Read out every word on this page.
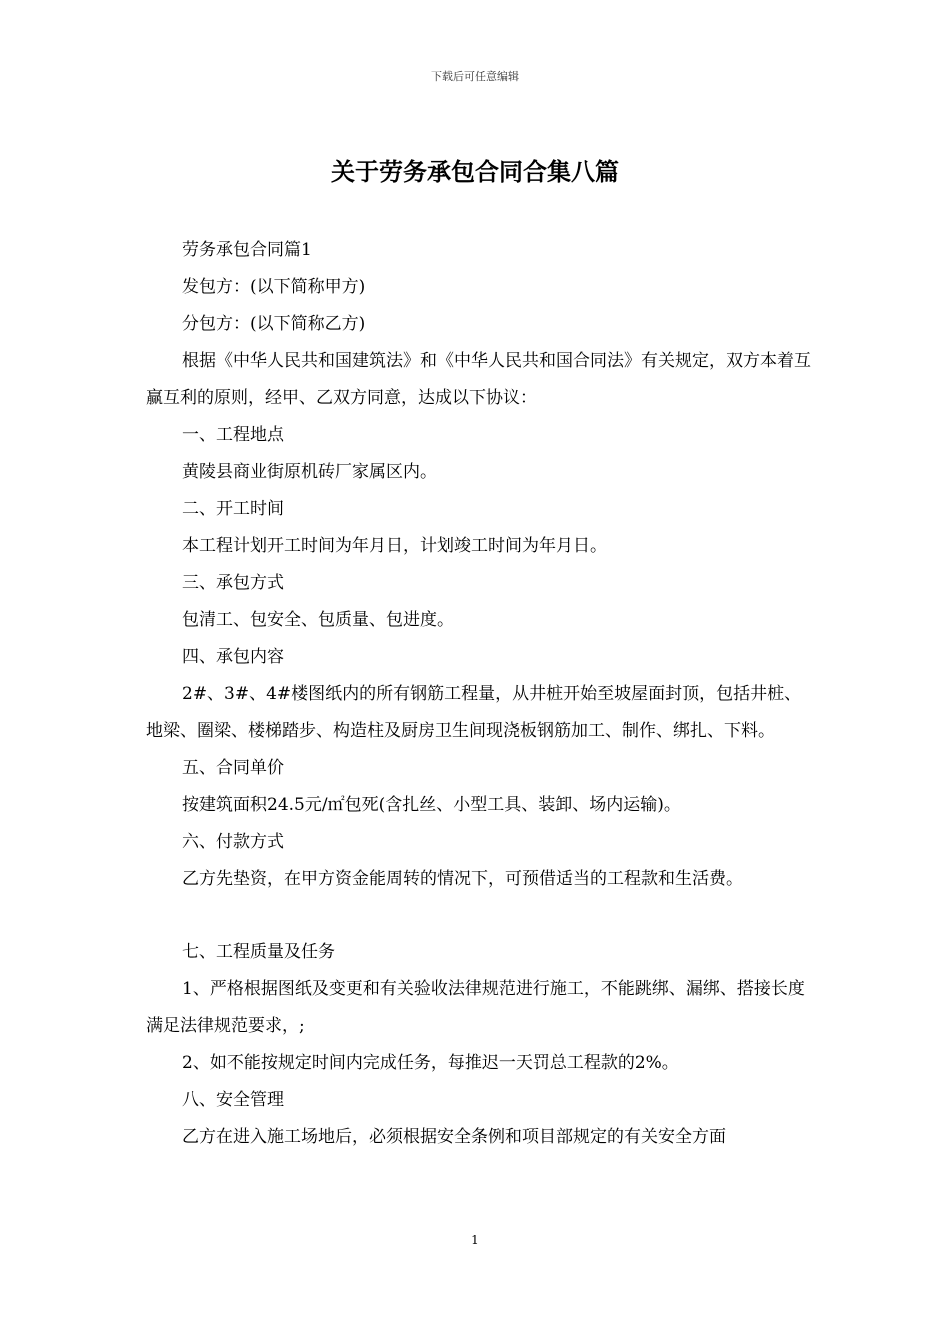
下载后可任意编辑
关于劳务承包合同合集八篇

劳务承包合同篇1

发包方：(以下简称甲方)

分包方：(以下简称乙方)

根据《中华人民共和国建筑法》和《中华人民共和国合同法》有关规定，双方本着互赢互利的原则，经甲、乙双方同意，达成以下协议：

一、工程地点

黄陵县商业街原机砖厂家属区内。

二、开工时间

本工程计划开工时间为年月日，计划竣工时间为年月日。

三、承包方式

包清工、包安全、包质量、包进度。

四、承包内容

2#、3#、4#楼图纸内的所有钢筋工程量，从井桩开始至坡屋面封顶，包括井桩、地梁、圈梁、楼梯踏步、构造柱及厨房卫生间现浇板钢筋加工、制作、绑扎、下料。

五、合同单价

按建筑面积24.5元/㎡包死(含扎丝、小型工具、装卸、场内运输)。

六、付款方式

乙方先垫资，在甲方资金能周转的情况下，可预借适当的工程款和生活费。

七、工程质量及任务

1、严格根据图纸及变更和有关验收法律规范进行施工，不能跳绑、漏绑、搭接长度满足法律规范要求，;

2、如不能按规定时间内完成任务，每推迟一天罚总工程款的2%。

八、安全管理

乙方在进入施工场地后，必须根据安全条例和项目部规定的有关安全方面

1
